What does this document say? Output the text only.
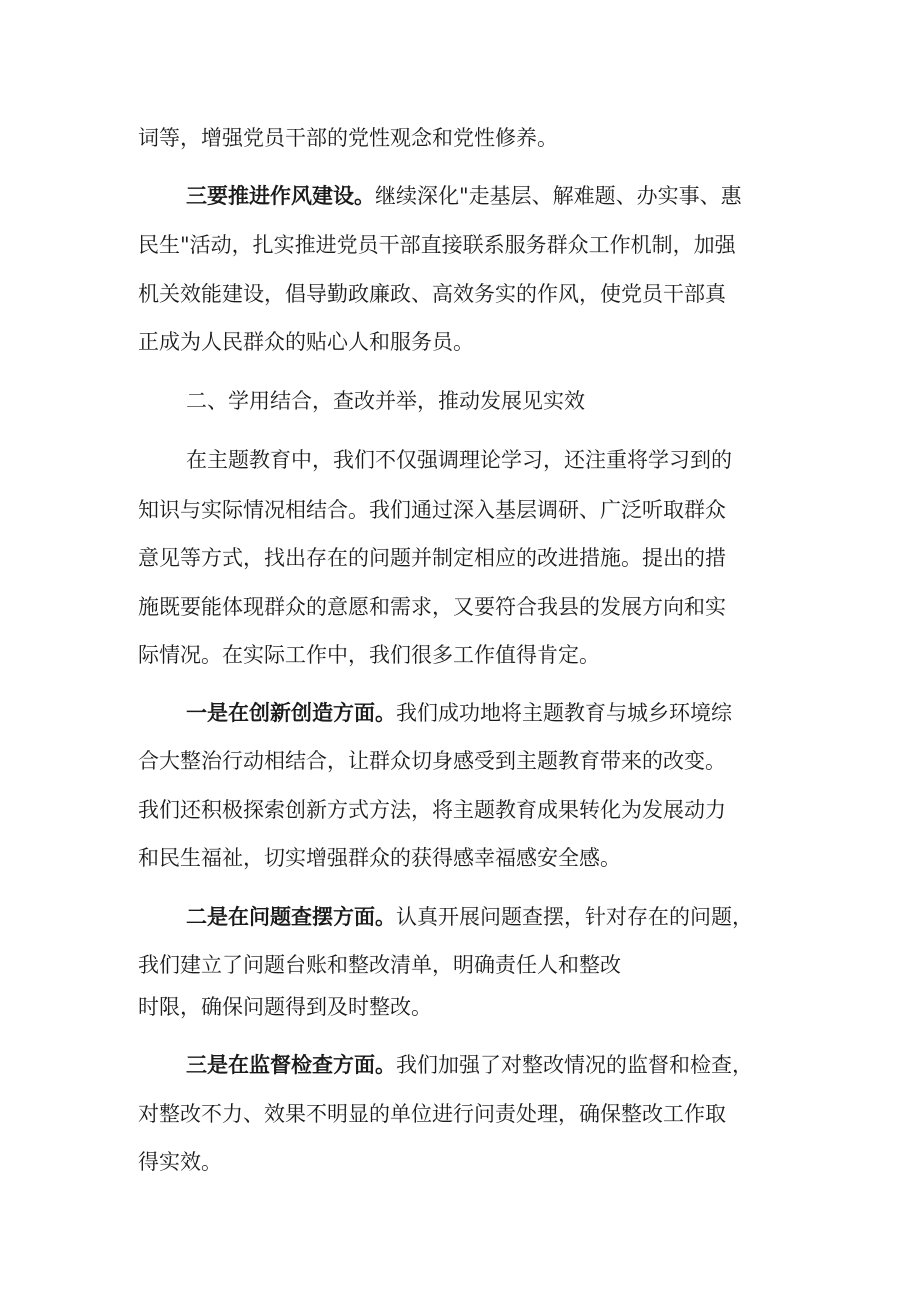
词等，增强党员干部的党性观念和党性修养。
三要推进作风建设。继续深化"走基层、解难题、办实事、惠
民生"活动，扎实推进党员干部直接联系服务群众工作机制，加强
机关效能建设，倡导勤政廉政、高效务实的作风，使党员干部真
正成为人民群众的贴心人和服务员。
二、学用结合，查改并举，推动发展见实效
在主题教育中，我们不仅强调理论学习，还注重将学习到的
知识与实际情况相结合。我们通过深入基层调研、广泛听取群众
意见等方式，找出存在的问题并制定相应的改进措施。提出的措
施既要能体现群众的意愿和需求，又要符合我县的发展方向和实
际情况。在实际工作中，我们很多工作值得肯定。
一是在创新创造方面。我们成功地将主题教育与城乡环境综
合大整治行动相结合，让群众切身感受到主题教育带来的改变。
我们还积极探索创新方式方法，将主题教育成果转化为发展动力
和民生福祉，切实增强群众的获得感幸福感安全感。
二是在问题查摆方面。认真开展问题查摆，针对存在的问题，
我们建立了问题台账和整改清单，明确责任人和整改
时限，确保问题得到及时整改。
三是在监督检查方面。我们加强了对整改情况的监督和检查，
对整改不力、效果不明显的单位进行问责处理，确保整改工作取
得实效。
